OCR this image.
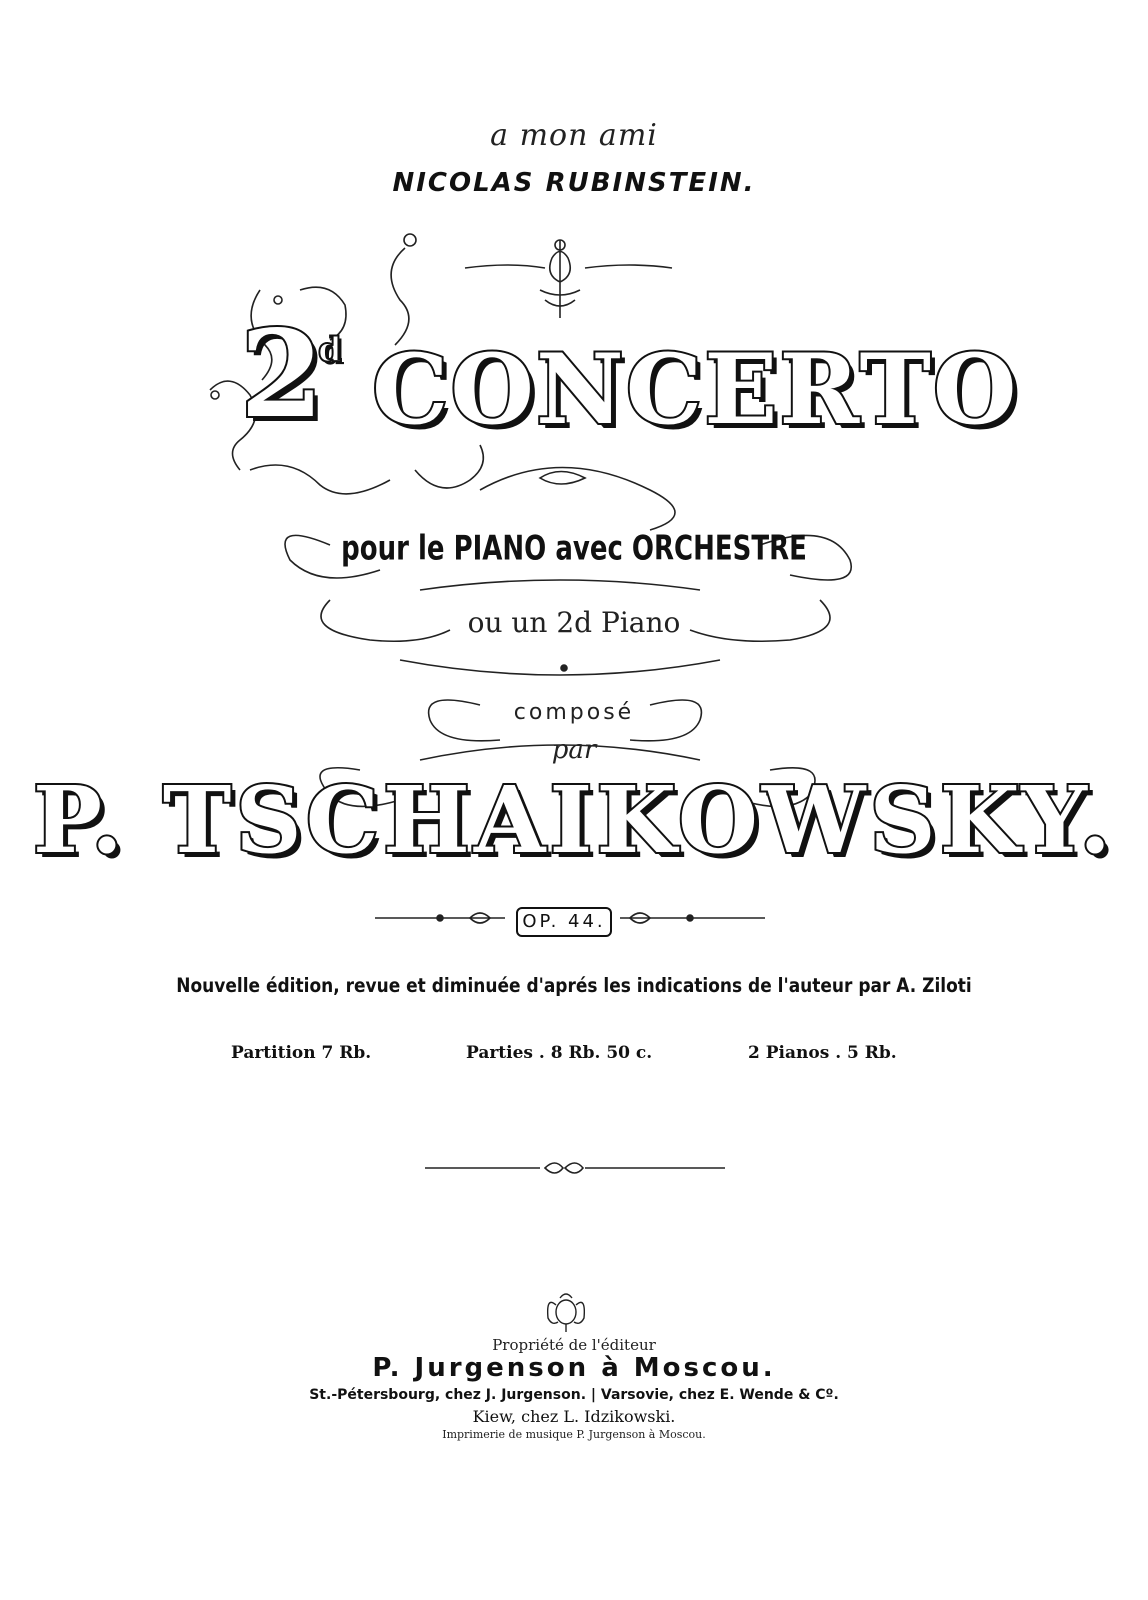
a mon ami
NICOLAS RUBINSTEIN.
2
d CONCERTO
pour le PIANO avec ORCHESTRE
ou un 2d Piano
composé
par
P. TSCHAIKOWSKY.
OP. 44.
Nouvelle édition, revue et diminuée d'aprés les indications de l'auteur par A. Ziloti
Partition 7 Rb.	Parties . 8 Rb. 50 c.	2 Pianos . 5 Rb.
Propriété de l'éditeur
P. Jurgenson à Moscou.
St.-Pétersbourg, chez J. Jurgenson. | Varsovie, chez E. Wende & Cº.
Kiew, chez L. Idzikowski.
Imprimerie de musique P. Jurgenson à Moscou.
